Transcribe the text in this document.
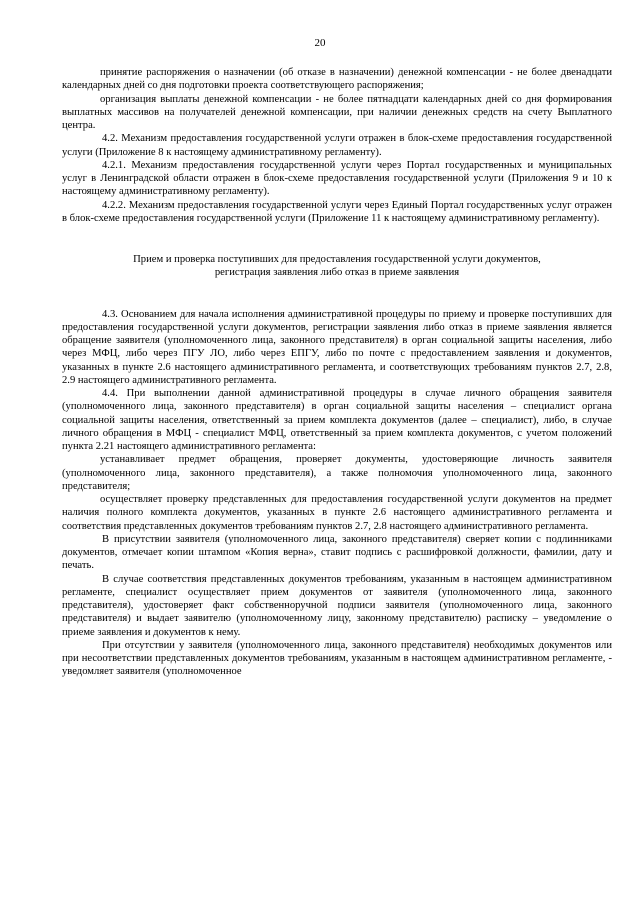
20

принятие распоряжения о назначении (об отказе в назначении) денежной компенсации - не более двенадцати календарных дней со дня подготовки проекта соответствующего распоряжения;

организация выплаты денежной компенсации - не более пятнадцати календарных дней со дня формирования выплатных массивов на получателей денежной компенсации, при наличии денежных средств на счету Выплатного центра.

4.2. Механизм предоставления государственной услуги отражен в блок-схеме предоставления государственной услуги (Приложение 8 к настоящему административному регламенту).

4.2.1. Механизм предоставления государственной услуги через Портал государственных и муниципальных услуг в Ленинградской области отражен в блок-схеме предоставления государственной услуги (Приложения 9 и 10 к настоящему административному регламенту).

4.2.2. Механизм предоставления государственной услуги через Единый Портал государственных услуг отражен в блок-схеме предоставления государственной услуги (Приложение 11 к настоящему административному регламенту).

Прием и проверка поступивших для предоставления государственной услуги документов,
регистрация заявления либо отказ в приеме заявления

4.3. Основанием для начала исполнения административной процедуры по приему и проверке поступивших для предоставления государственной услуги документов, регистрации заявления либо отказ в приеме заявления является обращение заявителя (уполномоченного лица, законного представителя) в орган социальной защиты населения, либо через МФЦ, либо через ПГУ ЛО, либо через ЕПГУ, либо по почте с предоставлением заявления и документов, указанных в пункте 2.6 настоящего административного регламента, и соответствующих требованиям пунктов 2.7, 2.8, 2.9 настоящего административного регламента.

4.4. При выполнении данной административной процедуры в случае личного обращения заявителя (уполномоченного лица, законного представителя) в орган социальной защиты населения – специалист органа социальной защиты населения, ответственный за прием комплекта документов (далее – специалист), либо, в случае личного обращения в МФЦ - специалист МФЦ, ответственный за прием комплекта документов, с учетом положений пункта 2.21 настоящего административного регламента:

устанавливает предмет обращения, проверяет документы, удостоверяющие личность заявителя (уполномоченного лица, законного представителя), а также полномочия уполномоченного лица, законного представителя;

осуществляет проверку представленных для предоставления государственной услуги документов на предмет наличия полного комплекта документов, указанных в пункте 2.6 настоящего административного регламента и соответствия представленных документов требованиям пунктов 2.7, 2.8 настоящего административного регламента.

В присутствии заявителя (уполномоченного лица, законного представителя) сверяет копии с подлинниками документов, отмечает копии штампом «Копия верна», ставит подпись с расшифровкой должности, фамилии, дату и печать.

В случае соответствия представленных документов требованиям, указанным в настоящем административном регламенте, специалист осуществляет прием документов от заявителя (уполномоченного лица, законного представителя), удостоверяет факт собственноручной подписи заявителя (уполномоченного лица, законного представителя) и выдает заявителю (уполномоченному лицу, законному представителю) расписку – уведомление о приеме заявления и документов к нему.

При отсутствии у заявителя (уполномоченного лица, законного представителя) необходимых документов или при несоответствии представленных документов требованиям, указанным в настоящем административном регламенте, - уведомляет заявителя (уполномоченное
